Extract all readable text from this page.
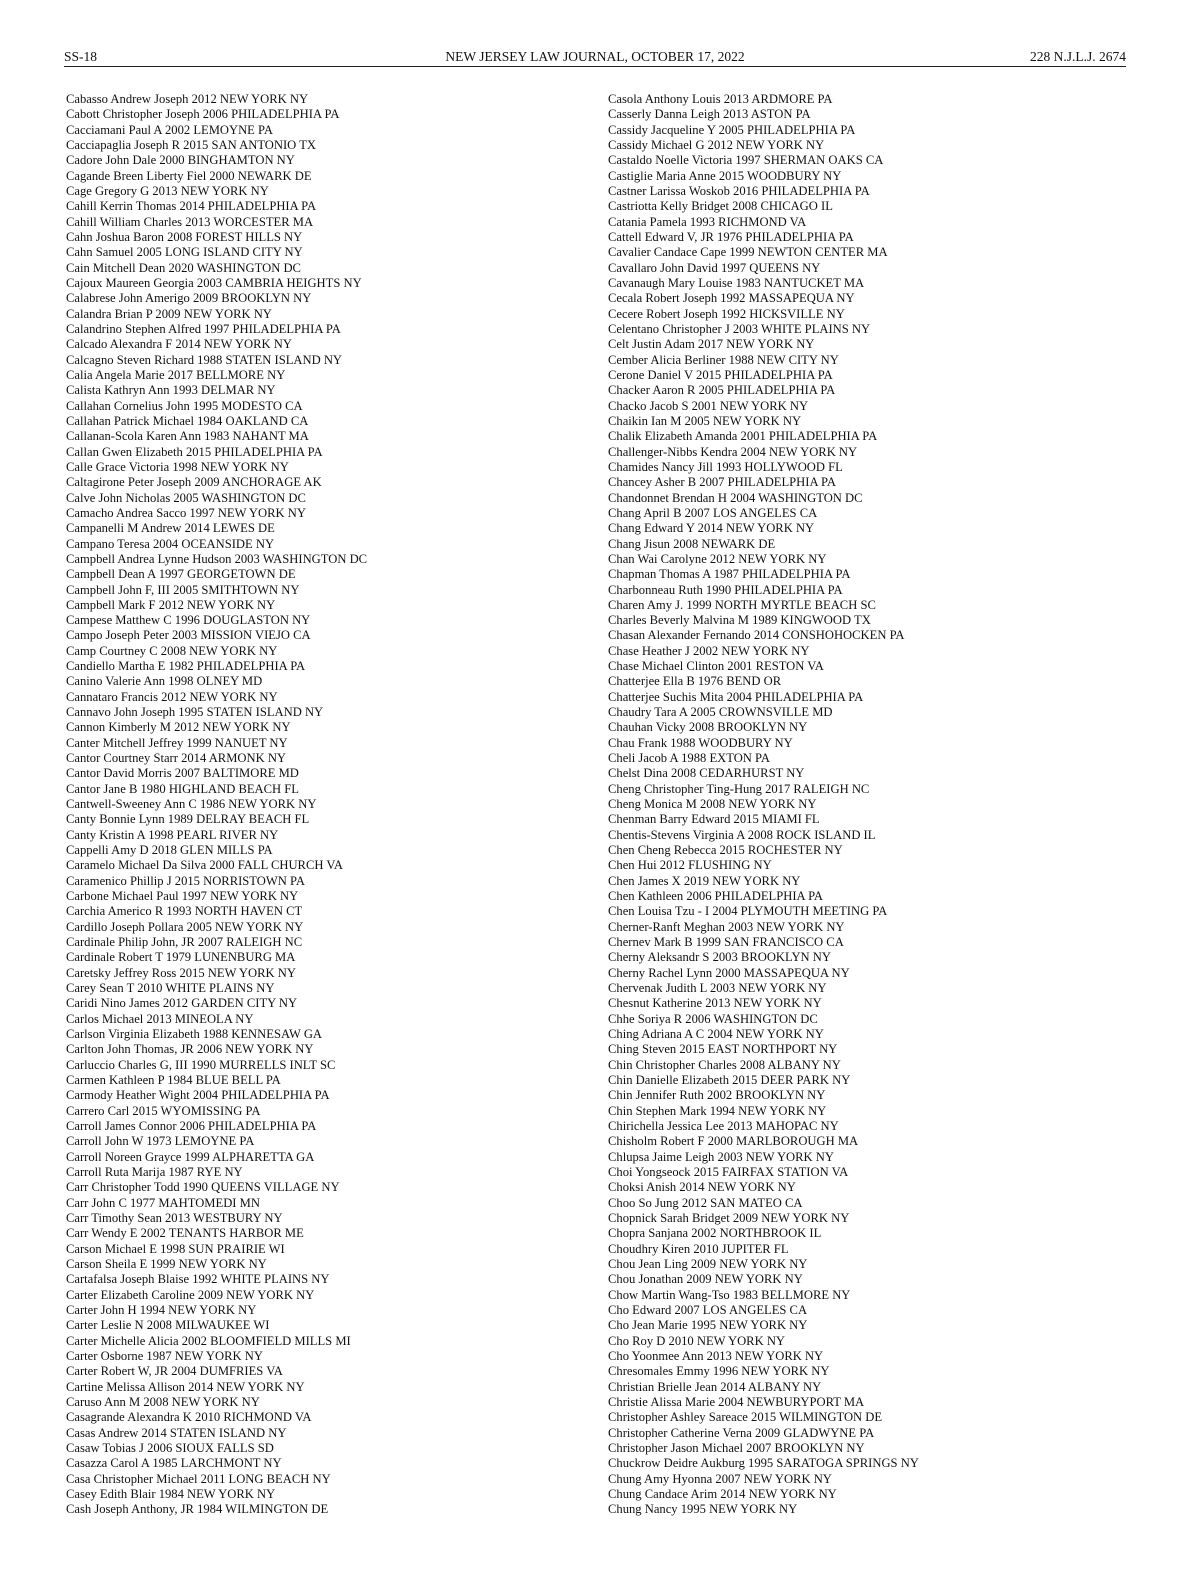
SS-18	NEW JERSEY LAW JOURNAL, OCTOBER 17, 2022	228 N.J.L.J. 2674
Cabasso Andrew Joseph 2012 NEW YORK NY
Cabott Christopher Joseph 2006 PHILADELPHIA PA
Cacciamani Paul A 2002 LEMOYNE PA
Cacciapaglia Joseph R 2015 SAN ANTONIO TX
Cadore John Dale 2000 BINGHAMTON NY
Cagande Breen Liberty Fiel 2000 NEWARK DE
Cage Gregory G 2013 NEW YORK NY
Cahill Kerrin Thomas 2014 PHILADELPHIA PA
Cahill William Charles 2013 WORCESTER MA
Cahn Joshua Baron 2008 FOREST HILLS NY
Cahn Samuel 2005 LONG ISLAND CITY NY
Cain Mitchell Dean 2020 WASHINGTON DC
Cajoux Maureen Georgia 2003 CAMBRIA HEIGHTS NY
Calabrese John Amerigo 2009 BROOKLYN NY
Calandra Brian P 2009 NEW YORK NY
Calandrino Stephen Alfred 1997 PHILADELPHIA PA
Calcado Alexandra F 2014 NEW YORK NY
Calcagno Steven Richard 1988 STATEN ISLAND NY
Calia Angela Marie 2017 BELLMORE NY
Calista Kathryn Ann 1993 DELMAR NY
Callahan Cornelius John 1995 MODESTO CA
Callahan Patrick Michael 1984 OAKLAND CA
Callanan-Scola Karen Ann 1983 NAHANT MA
Callan Gwen Elizabeth 2015 PHILADELPHIA PA
Calle Grace Victoria 1998 NEW YORK NY
Caltagirone Peter Joseph 2009 ANCHORAGE AK
Calve John Nicholas 2005 WASHINGTON DC
Camacho Andrea Sacco 1997 NEW YORK NY
Campanelli M Andrew 2014 LEWES DE
Campano Teresa 2004 OCEANSIDE NY
Campbell Andrea Lynne Hudson 2003 WASHINGTON DC
Campbell Dean A 1997 GEORGETOWN DE
Campbell John F, III 2005 SMITHTOWN NY
Campbell Mark F 2012 NEW YORK NY
Campese Matthew C 1996 DOUGLASTON NY
Campo Joseph Peter 2003 MISSION VIEJO CA
Camp Courtney C 2008 NEW YORK NY
Candiello Martha E 1982 PHILADELPHIA PA
Canino Valerie Ann 1998 OLNEY MD
Cannataro Francis 2012 NEW YORK NY
Cannavo John Joseph 1995 STATEN ISLAND NY
Cannon Kimberly M 2012 NEW YORK NY
Canter Mitchell Jeffrey 1999 NANUET NY
Cantor Courtney Starr 2014 ARMONK NY
Cantor David Morris 2007 BALTIMORE MD
Cantor Jane B 1980 HIGHLAND BEACH FL
Cantwell-Sweeney Ann C 1986 NEW YORK NY
Canty Bonnie Lynn 1989 DELRAY BEACH FL
Canty Kristin A 1998 PEARL RIVER NY
Cappelli Amy D 2018 GLEN MILLS PA
Caramelo Michael Da Silva 2000 FALL CHURCH VA
Caramenico Phillip J 2015 NORRISTOWN PA
Carbone Michael Paul 1997 NEW YORK NY
Carchia Americo R 1993 NORTH HAVEN CT
Cardillo Joseph Pollara 2005 NEW YORK NY
Cardinale Philip John, JR 2007 RALEIGH NC
Cardinale Robert T 1979 LUNENBURG MA
Caretsky Jeffrey Ross 2015 NEW YORK NY
Carey Sean T 2010 WHITE PLAINS NY
Caridi Nino James 2012 GARDEN CITY NY
Carlos Michael 2013 MINEOLA NY
Carlson Virginia Elizabeth 1988 KENNESAW GA
Carlton John Thomas, JR 2006 NEW YORK NY
Carluccio Charles G, III 1990 MURRELLS INLT SC
Carmen Kathleen P 1984 BLUE BELL PA
Carmody Heather Wight 2004 PHILADELPHIA PA
Carrero Carl 2015 WYOMISSING PA
Carroll James Connor 2006 PHILADELPHIA PA
Carroll John W 1973 LEMOYNE PA
Carroll Noreen Grayce 1999 ALPHARETTA GA
Carroll Ruta Marija 1987 RYE NY
Carr Christopher Todd 1990 QUEENS VILLAGE NY
Carr John C 1977 MAHTOMEDI MN
Carr Timothy Sean 2013 WESTBURY NY
Carr Wendy E 2002 TENANTS HARBOR ME
Carson Michael E 1998 SUN PRAIRIE WI
Carson Sheila E 1999 NEW YORK NY
Cartafalsa Joseph Blaise 1992 WHITE PLAINS NY
Carter Elizabeth Caroline 2009 NEW YORK NY
Carter John H 1994 NEW YORK NY
Carter Leslie N 2008 MILWAUKEE WI
Carter Michelle Alicia 2002 BLOOMFIELD MILLS MI
Carter Osborne 1987 NEW YORK NY
Carter Robert W, JR 2004 DUMFRIES VA
Cartine Melissa Allison 2014 NEW YORK NY
Caruso Ann M 2008 NEW YORK NY
Casagrande Alexandra K 2010 RICHMOND VA
Casas Andrew 2014 STATEN ISLAND NY
Casaw Tobias J 2006 SIOUX FALLS SD
Casazza Carol A 1985 LARCHMONT NY
Casa Christopher Michael 2011 LONG BEACH NY
Casey Edith Blair 1984 NEW YORK NY
Cash Joseph Anthony, JR 1984 WILMINGTON DE
Casola Anthony Louis 2013 ARDMORE PA
Casserly Danna Leigh 2013 ASTON PA
Cassidy Jacqueline Y 2005 PHILADELPHIA PA
Cassidy Michael G 2012 NEW YORK NY
Castaldo Noelle Victoria 1997 SHERMAN OAKS CA
Castiglie Maria Anne 2015 WOODBURY NY
Castner Larissa Woskob 2016 PHILADELPHIA PA
Castriotta Kelly Bridget 2008 CHICAGO IL
Catania Pamela 1993 RICHMOND VA
Cattell Edward V, JR 1976 PHILADELPHIA PA
Cavalier Candace Cape 1999 NEWTON CENTER MA
Cavallaro John David 1997 QUEENS NY
Cavanaugh Mary Louise 1983 NANTUCKET MA
Cecala Robert Joseph 1992 MASSAPEQUA NY
Cecere Robert Joseph 1992 HICKSVILLE NY
Celentano Christopher J 2003 WHITE PLAINS NY
Celt Justin Adam 2017 NEW YORK NY
Cember Alicia Berliner 1988 NEW CITY NY
Cerone Daniel V 2015 PHILADELPHIA PA
Chacker Aaron R 2005 PHILADELPHIA PA
Chacko Jacob S 2001 NEW YORK NY
Chaikin Ian M 2005 NEW YORK NY
Chalik Elizabeth Amanda 2001 PHILADELPHIA PA
Challenger-Nibbs Kendra 2004 NEW YORK NY
Chamides Nancy Jill 1993 HOLLYWOOD FL
Chancey Asher B 2007 PHILADELPHIA PA
Chandonnet Brendan H 2004 WASHINGTON DC
Chang April B 2007 LOS ANGELES CA
Chang Edward Y 2014 NEW YORK NY
Chang Jisun 2008 NEWARK DE
Chan Wai Carolyne 2012 NEW YORK NY
Chapman Thomas A 1987 PHILADELPHIA PA
Charbonneau Ruth 1990 PHILADELPHIA PA
Charen Amy J. 1999 NORTH MYRTLE BEACH SC
Charles Beverly Malvina M 1989 KINGWOOD TX
Chasan Alexander Fernando 2014 CONSHOHOCKEN PA
Chase Heather J 2002 NEW YORK NY
Chase Michael Clinton 2001 RESTON VA
Chatterjee Ella B 1976 BEND OR
Chatterjee Suchis Mita 2004 PHILADELPHIA PA
Chaudry Tara A 2005 CROWNSVILLE MD
Chauhan Vicky 2008 BROOKLYN NY
Chau Frank 1988 WOODBURY NY
Cheli Jacob A 1988 EXTON PA
Chelst Dina 2008 CEDARHURST NY
Cheng Christopher Ting-Hung 2017 RALEIGH NC
Cheng Monica M 2008 NEW YORK NY
Chenman Barry Edward 2015 MIAMI FL
Chentis-Stevens Virginia A 2008 ROCK ISLAND IL
Chen Cheng Rebecca 2015 ROCHESTER NY
Chen Hui 2012 FLUSHING NY
Chen James X 2019 NEW YORK NY
Chen Kathleen 2006 PHILADELPHIA PA
Chen Louisa Tzu - I 2004 PLYMOUTH MEETING PA
Cherner-Ranft Meghan 2003 NEW YORK NY
Chernev Mark B 1999 SAN FRANCISCO CA
Cherny Aleksandr S 2003 BROOKLYN NY
Cherny Rachel Lynn 2000 MASSAPEQUA NY
Chervenak Judith L 2003 NEW YORK NY
Chesnut Katherine 2013 NEW YORK NY
Chhe Soriya R 2006 WASHINGTON DC
Ching Adriana A C 2004 NEW YORK NY
Ching Steven 2015 EAST NORTHPORT NY
Chin Christopher Charles 2008 ALBANY NY
Chin Danielle Elizabeth 2015 DEER PARK NY
Chin Jennifer Ruth 2002 BROOKLYN NY
Chin Stephen Mark 1994 NEW YORK NY
Chirichella Jessica Lee 2013 MAHOPAC NY
Chisholm Robert F 2000 MARLBOROUGH MA
Chlupsa Jaime Leigh 2003 NEW YORK NY
Choi Yongseock 2015 FAIRFAX STATION VA
Choksi Anish 2014 NEW YORK NY
Choo So Jung 2012 SAN MATEO CA
Chopnick Sarah Bridget 2009 NEW YORK NY
Chopra Sanjana 2002 NORTHBROOK IL
Choudhry Kiren 2010 JUPITER FL
Chou Jean Ling 2009 NEW YORK NY
Chou Jonathan 2009 NEW YORK NY
Chow Martin Wang-Tso 1983 BELLMORE NY
Cho Edward 2007 LOS ANGELES CA
Cho Jean Marie 1995 NEW YORK NY
Cho Roy D 2010 NEW YORK NY
Cho Yoonmee Ann 2013 NEW YORK NY
Chresomales Emmy 1996 NEW YORK NY
Christian Brielle Jean 2014 ALBANY NY
Christie Alissa Marie 2004 NEWBURYPORT MA
Christopher Ashley Sareace 2015 WILMINGTON DE
Christopher Catherine Verna 2009 GLADWYNE PA
Christopher Jason Michael 2007 BROOKLYN NY
Chuckrow Deidre Aukburg 1995 SARATOGA SPRINGS NY
Chung Amy Hyonna 2007 NEW YORK NY
Chung Candace Arim 2014 NEW YORK NY
Chung Nancy 1995 NEW YORK NY
